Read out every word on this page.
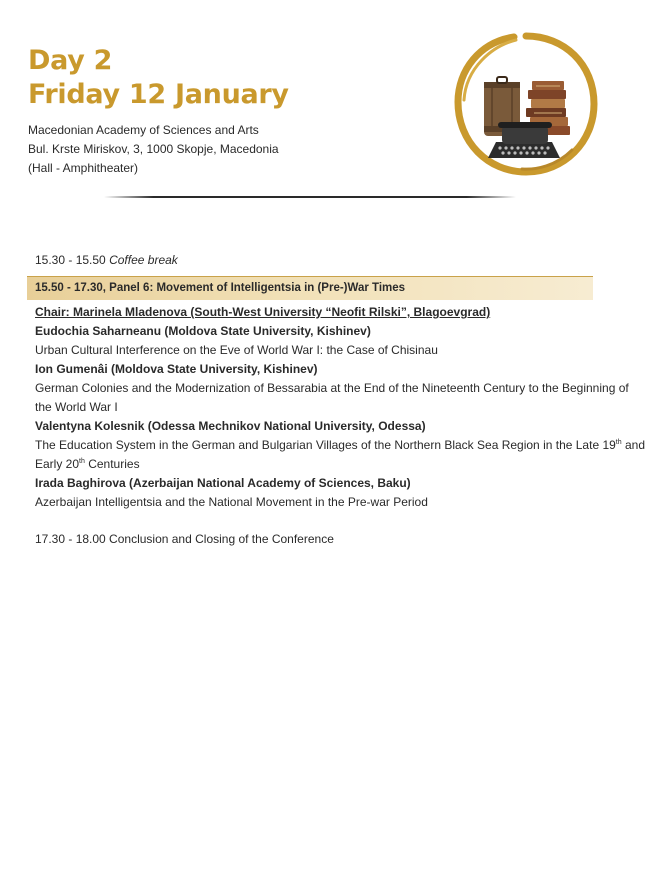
Day 2
Friday 12 January
Macedonian Academy of Sciences and Arts
Bul. Krste Miriskov, 3, 1000 Skopje, Macedonia
(Hall - Amphitheater)
15.30 - 15.50 Coffee break
15.50 - 17.30, Panel 6: Movement of Intelligentsia in (Pre-)War Times
Chair: Marinela Mladenova (South-West University “Neofit Rilski”, Blagoevgrad)
Eudochia Saharneanu (Moldova State University, Kishinev)
Urban Cultural Interference on the Eve of World War I: the Case of Chisinau
Ion Gumenâi (Moldova State University, Kishinev)
German Colonies and the Modernization of Bessarabia at the End of the Nineteenth Century to the Beginning of
the World War I
Valentyna Kolesnik (Odessa Mechnikov National University, Odessa)
The Education System in the German and Bulgarian Villages of the Northern Black Sea Region in the Late 19th and
Early 20th Centuries
Irada Baghirova (Azerbaijan National Academy of Sciences, Baku)
Azerbaijan Intelligentsia and the National Movement in the Pre-war Period
17.30 - 18.00 Conclusion and Closing of the Conference
